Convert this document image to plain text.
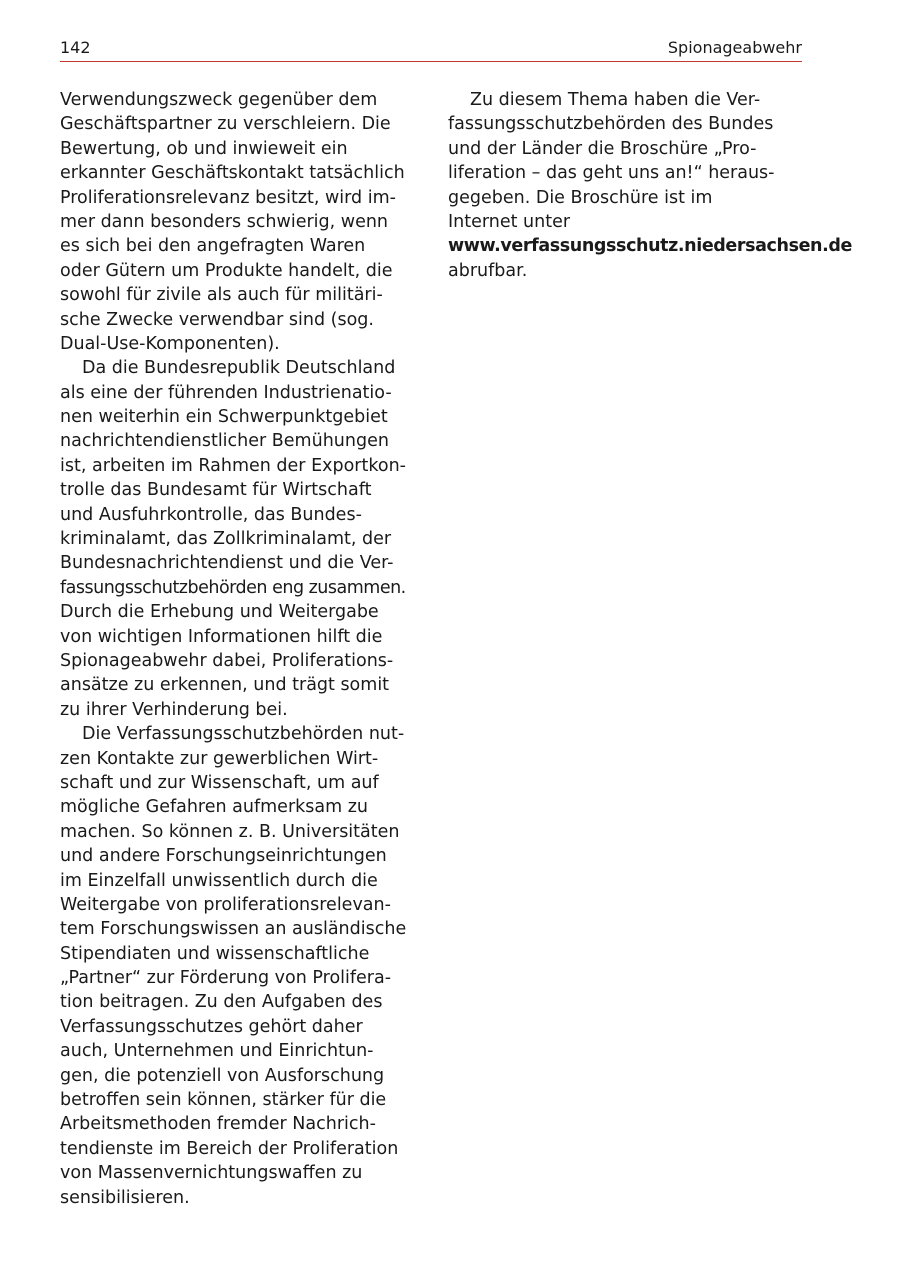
142	Spionageabwehr
Verwendungszweck gegenüber dem
Geschäftspartner zu verschleiern. Die
Bewertung, ob und inwieweit ein
erkannter Geschäftskontakt tatsächlich
Proliferationsrelevanz besitzt, wird im-
mer dann besonders schwierig, wenn
es sich bei den angefragten Waren
oder Gütern um Produkte handelt, die
sowohl für zivile als auch für militäri-
sche Zwecke verwendbar sind (sog.
Dual-Use-Komponenten).
Da die Bundesrepublik Deutschland
als eine der führenden Industrienatio-
nen weiterhin ein Schwerpunktgebiet
nachrichtendienstlicher Bemühungen
ist, arbeiten im Rahmen der Exportkon-
trolle das Bundesamt für Wirtschaft
und Ausfuhrkontrolle, das Bundes-
kriminalamt, das Zollkriminalamt, der
Bundesnachrichtendienst und die Ver-
fassungsschutzbehörden eng zusammen.
Durch die Erhebung und Weitergabe
von wichtigen Informationen hilft die
Spionageabwehr dabei, Proliferations-
ansätze zu erkennen, und trägt somit
zu ihrer Verhinderung bei.
Die Verfassungsschutzbehörden nut-
zen Kontakte zur gewerblichen Wirt-
schaft und zur Wissenschaft, um auf
mögliche Gefahren aufmerksam zu
machen. So können z. B. Universitäten
und andere Forschungseinrichtungen
im Einzelfall unwissentlich durch die
Weitergabe von proliferationsrelevan-
tem Forschungswissen an ausländische
Stipendiaten und wissenschaftliche
„Partner“ zur Förderung von Prolifera-
tion beitragen. Zu den Aufgaben des
Verfassungsschutzes gehört daher
auch, Unternehmen und Einrichtun-
gen, die potenziell von Ausforschung
betroffen sein können, stärker für die
Arbeitsmethoden fremder Nachrich-
tendienste im Bereich der Proliferation
von Massenvernichtungswaffen zu
sensibilisieren.
Zu diesem Thema haben die Ver-
fassungsschutzbehörden des Bundes
und der Länder die Broschüre „Pro-
liferation – das geht uns an!“ heraus-
gegeben. Die Broschüre ist im
Internet unter
www.verfassungsschutz.niedersachsen.de
abrufbar.
